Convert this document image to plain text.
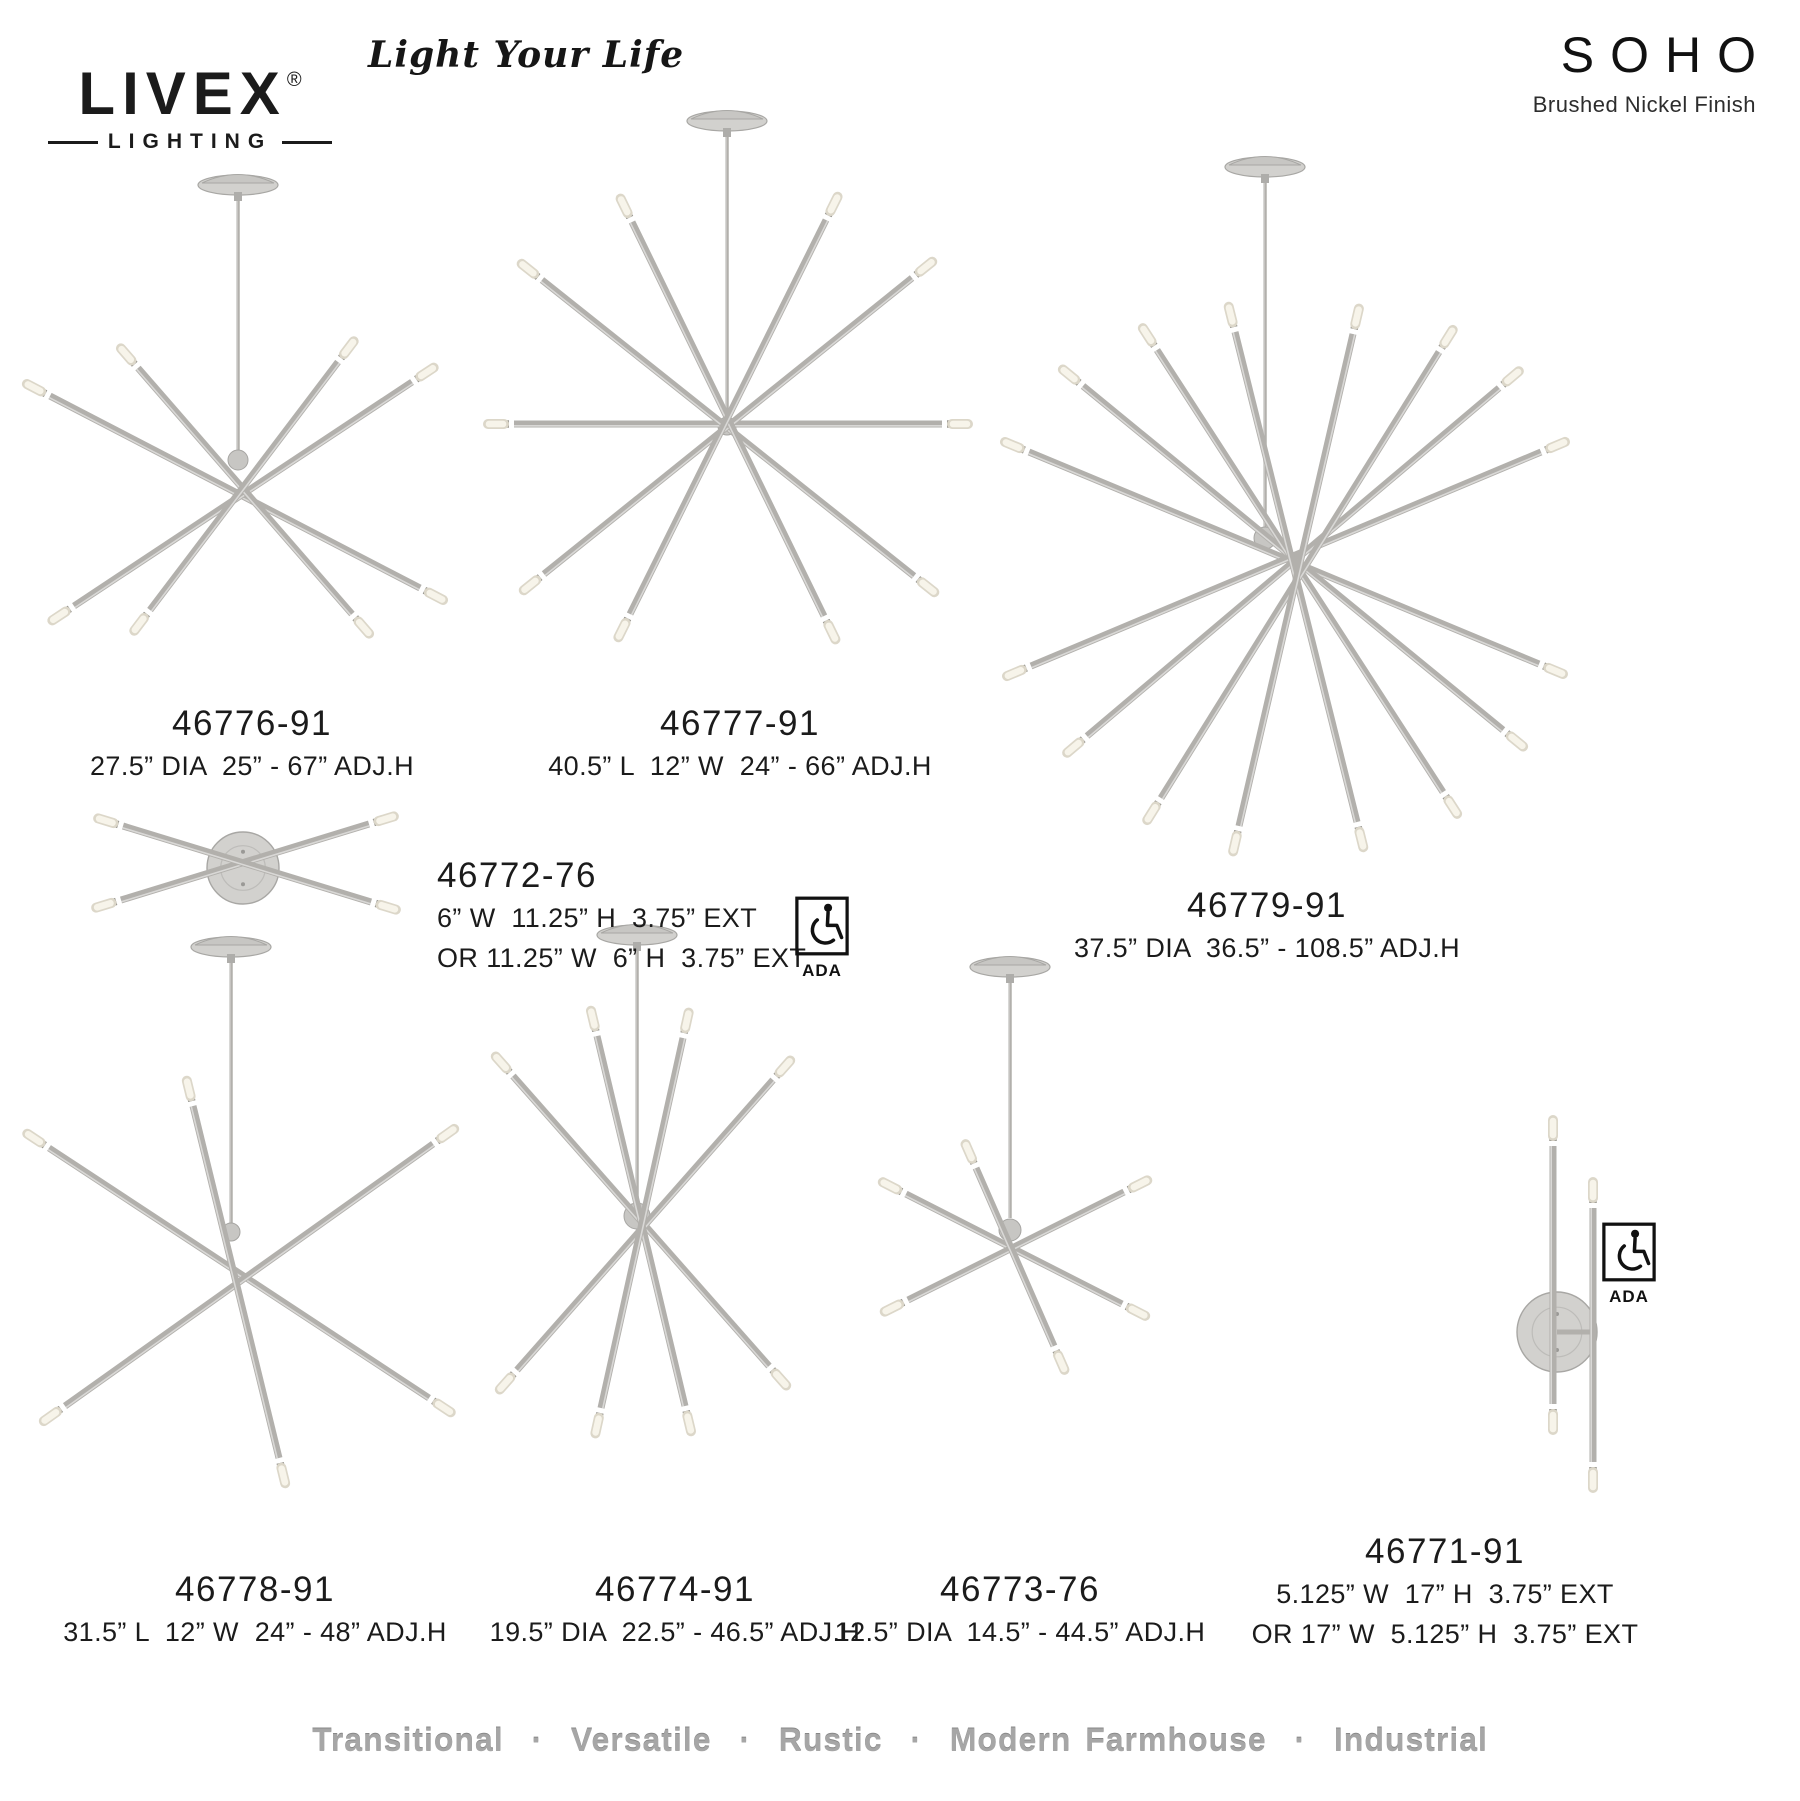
LIVEX®
LIGHTING
Light Your Life	SOHO
Brushed Nickel Finish
46776-91
27.5” DIA  25” - 67” ADJ.H
46777-91
40.5” L  12” W  24” - 66” ADJ.H
46779-91
37.5” DIA  36.5” - 108.5” ADJ.H
46772-76
6” W  11.25” H  3.75” EXT
OR 11.25” W  6” H  3.75” EXT
ADA
46778-91
31.5” L  12” W  24” - 48” ADJ.H
46774-91
19.5” DIA  22.5” - 46.5” ADJ.H
46773-76
12.5” DIA  14.5” - 44.5” ADJ.H
ADA
46771-91
5.125” W  17” H  3.75” EXT
OR 17” W  5.125” H  3.75” EXT
Transitional  ·  Versatile  ·  Rustic  ·  Modern Farmhouse  ·  Industrial
